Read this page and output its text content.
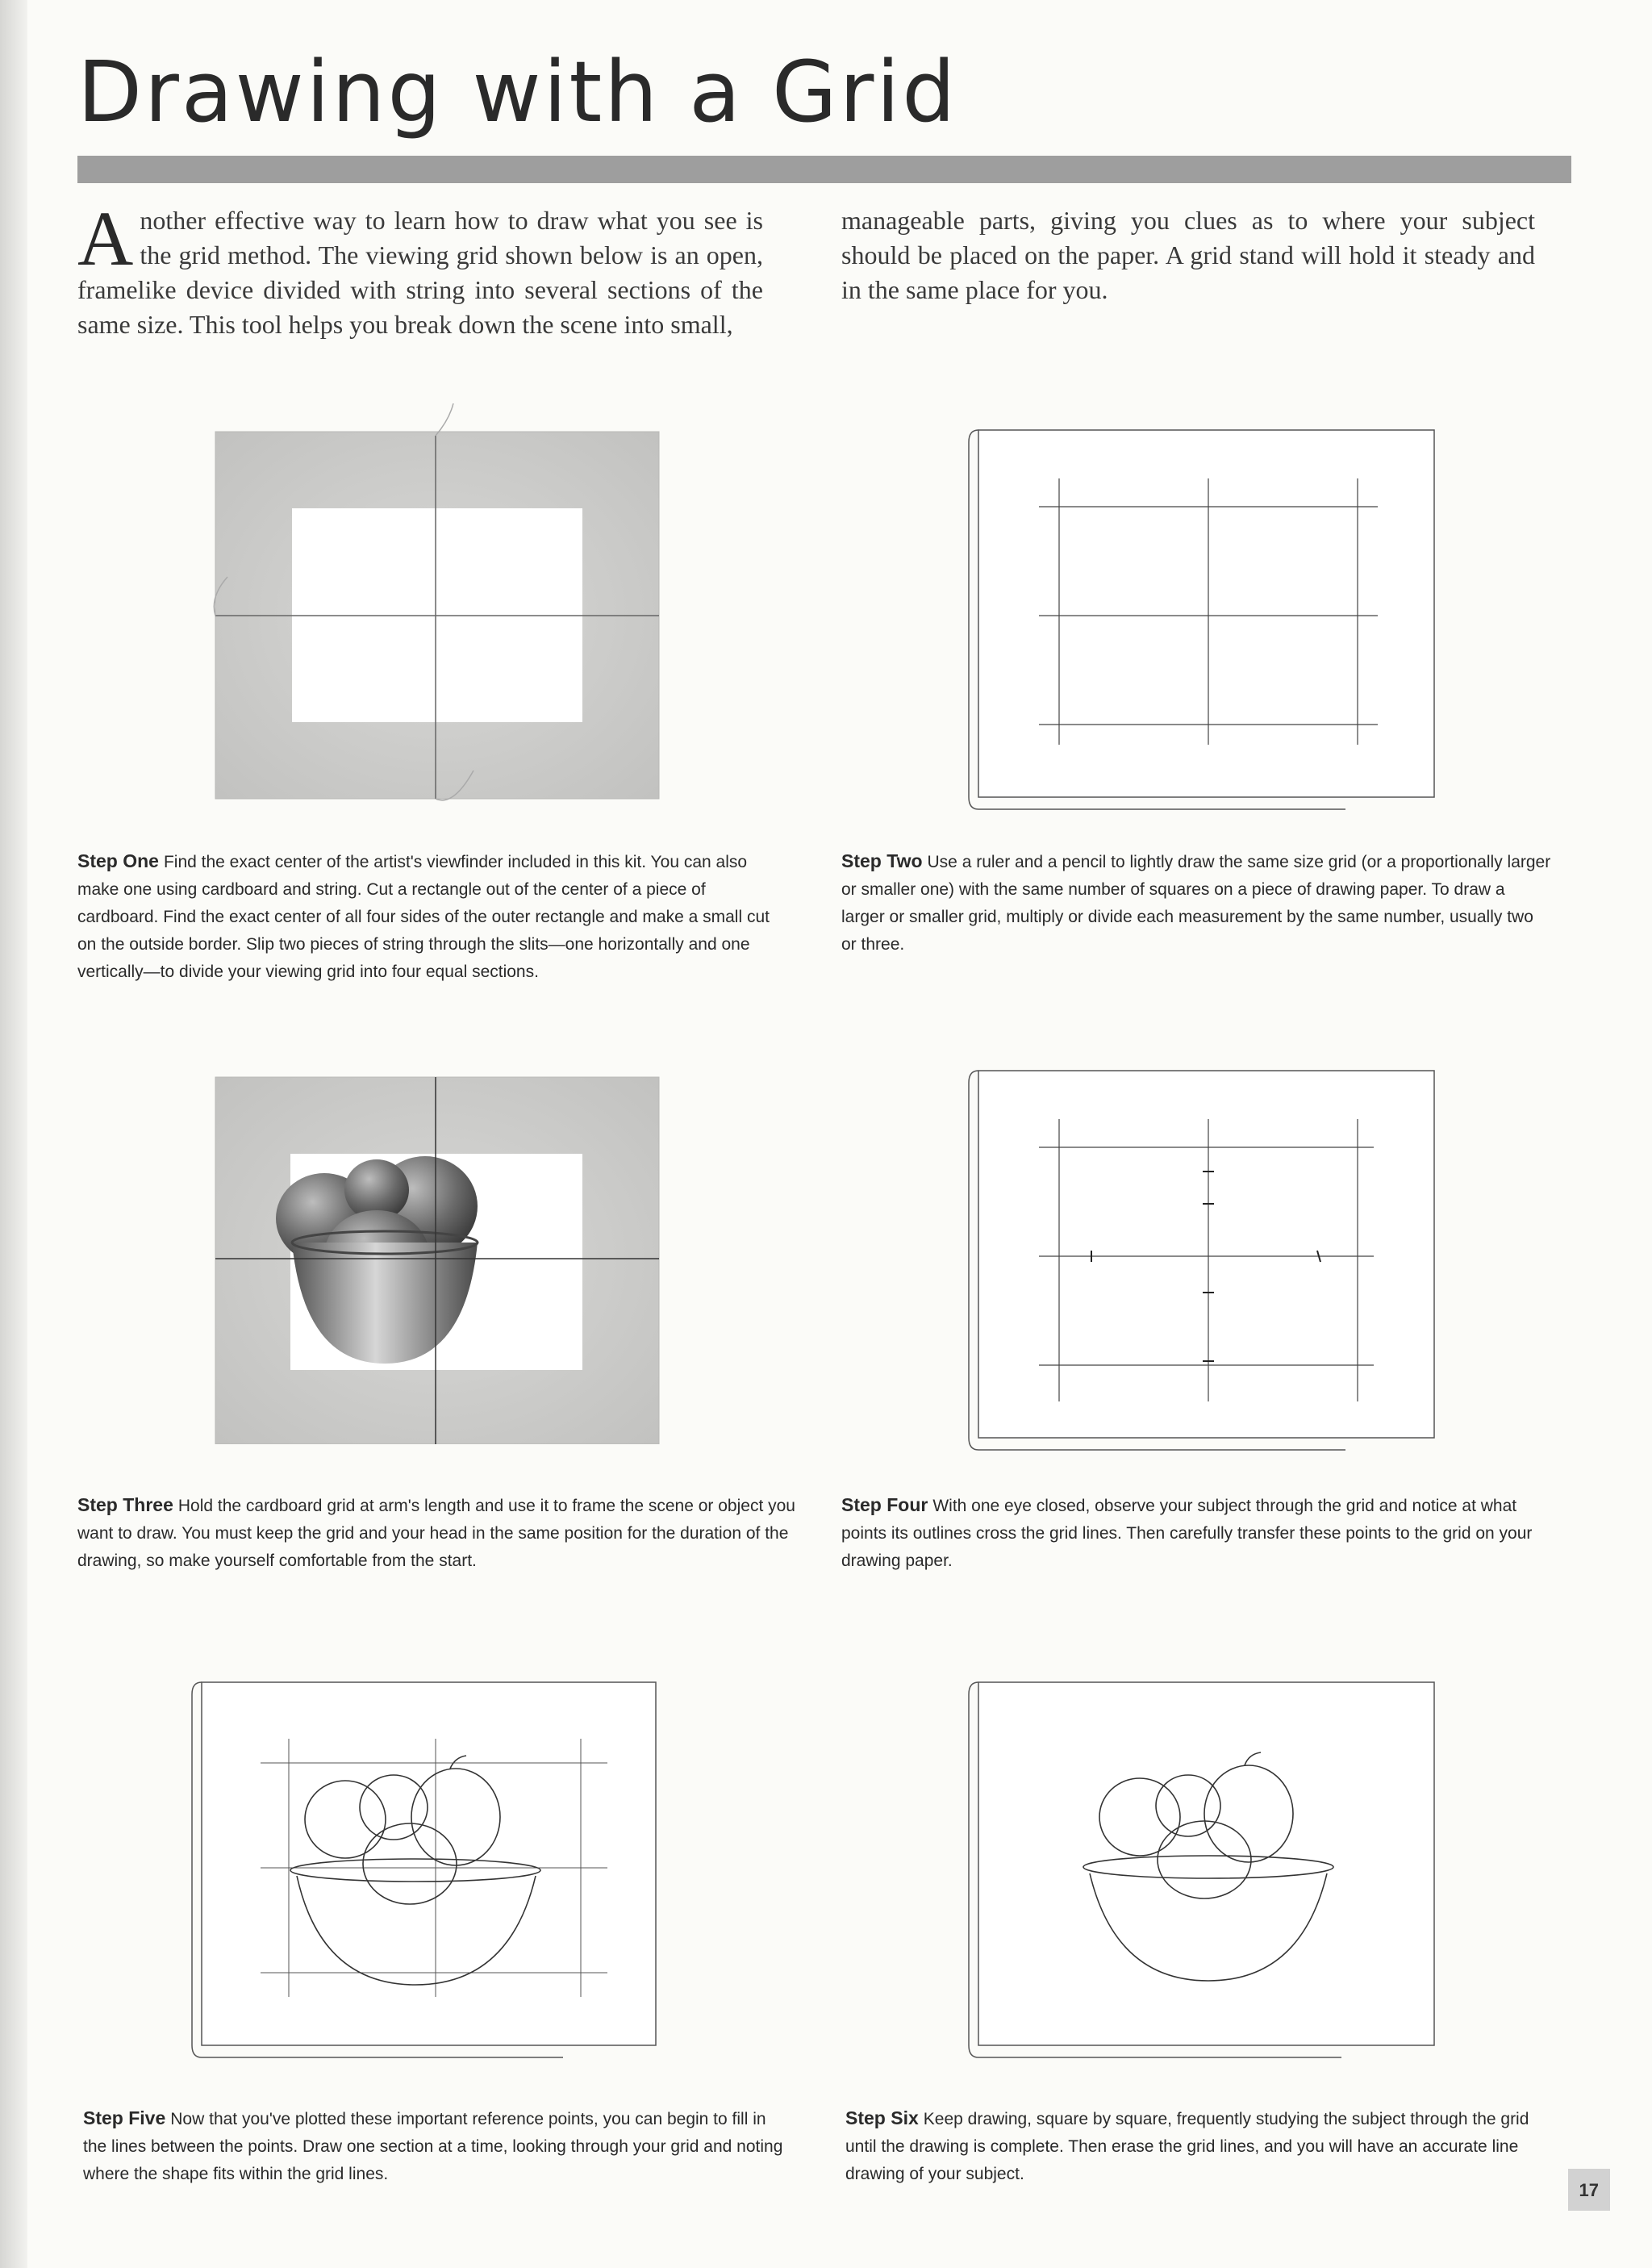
Drawing with a Grid

Another effective way to learn how to draw what you see is the grid method. The viewing grid shown below is an open, framelike device divided with string into several sections of the same size. This tool helps you break down the scene into small,

manageable parts, giving you clues as to where your subject should be placed on the paper. A grid stand will hold it steady and in the same place for you.

Step One Find the exact center of the artist's viewfinder included in this kit. You can also make one using cardboard and string. Cut a rectangle out of the center of a piece of cardboard. Find the exact center of all four sides of the outer rectangle and make a small cut on the outside border. Slip two pieces of string through the slits—one horizontally and one vertically—to divide your viewing grid into four equal sections.
Step Two Use a ruler and a pencil to lightly draw the same size grid (or a proportionally larger or smaller one) with the same number of squares on a piece of drawing paper. To draw a larger or smaller grid, multiply or divide each measurement by the same number, usually two or three.
Step Three Hold the cardboard grid at arm's length and use it to frame the scene or object you want to draw. You must keep the grid and your head in the same position for the duration of the drawing, so make yourself comfortable from the start.
Step Four With one eye closed, observe your subject through the grid and notice at what points its outlines cross the grid lines. Then carefully transfer these points to the grid on your drawing paper.
Step Five Now that you've plotted these important reference points, you can begin to fill in the lines between the points. Draw one section at a time, looking through your grid and noting where the shape fits within the grid lines.
Step Six Keep drawing, square by square, frequently studying the subject through the grid until the drawing is complete. Then erase the grid lines, and you will have an accurate line drawing of your subject.
17
